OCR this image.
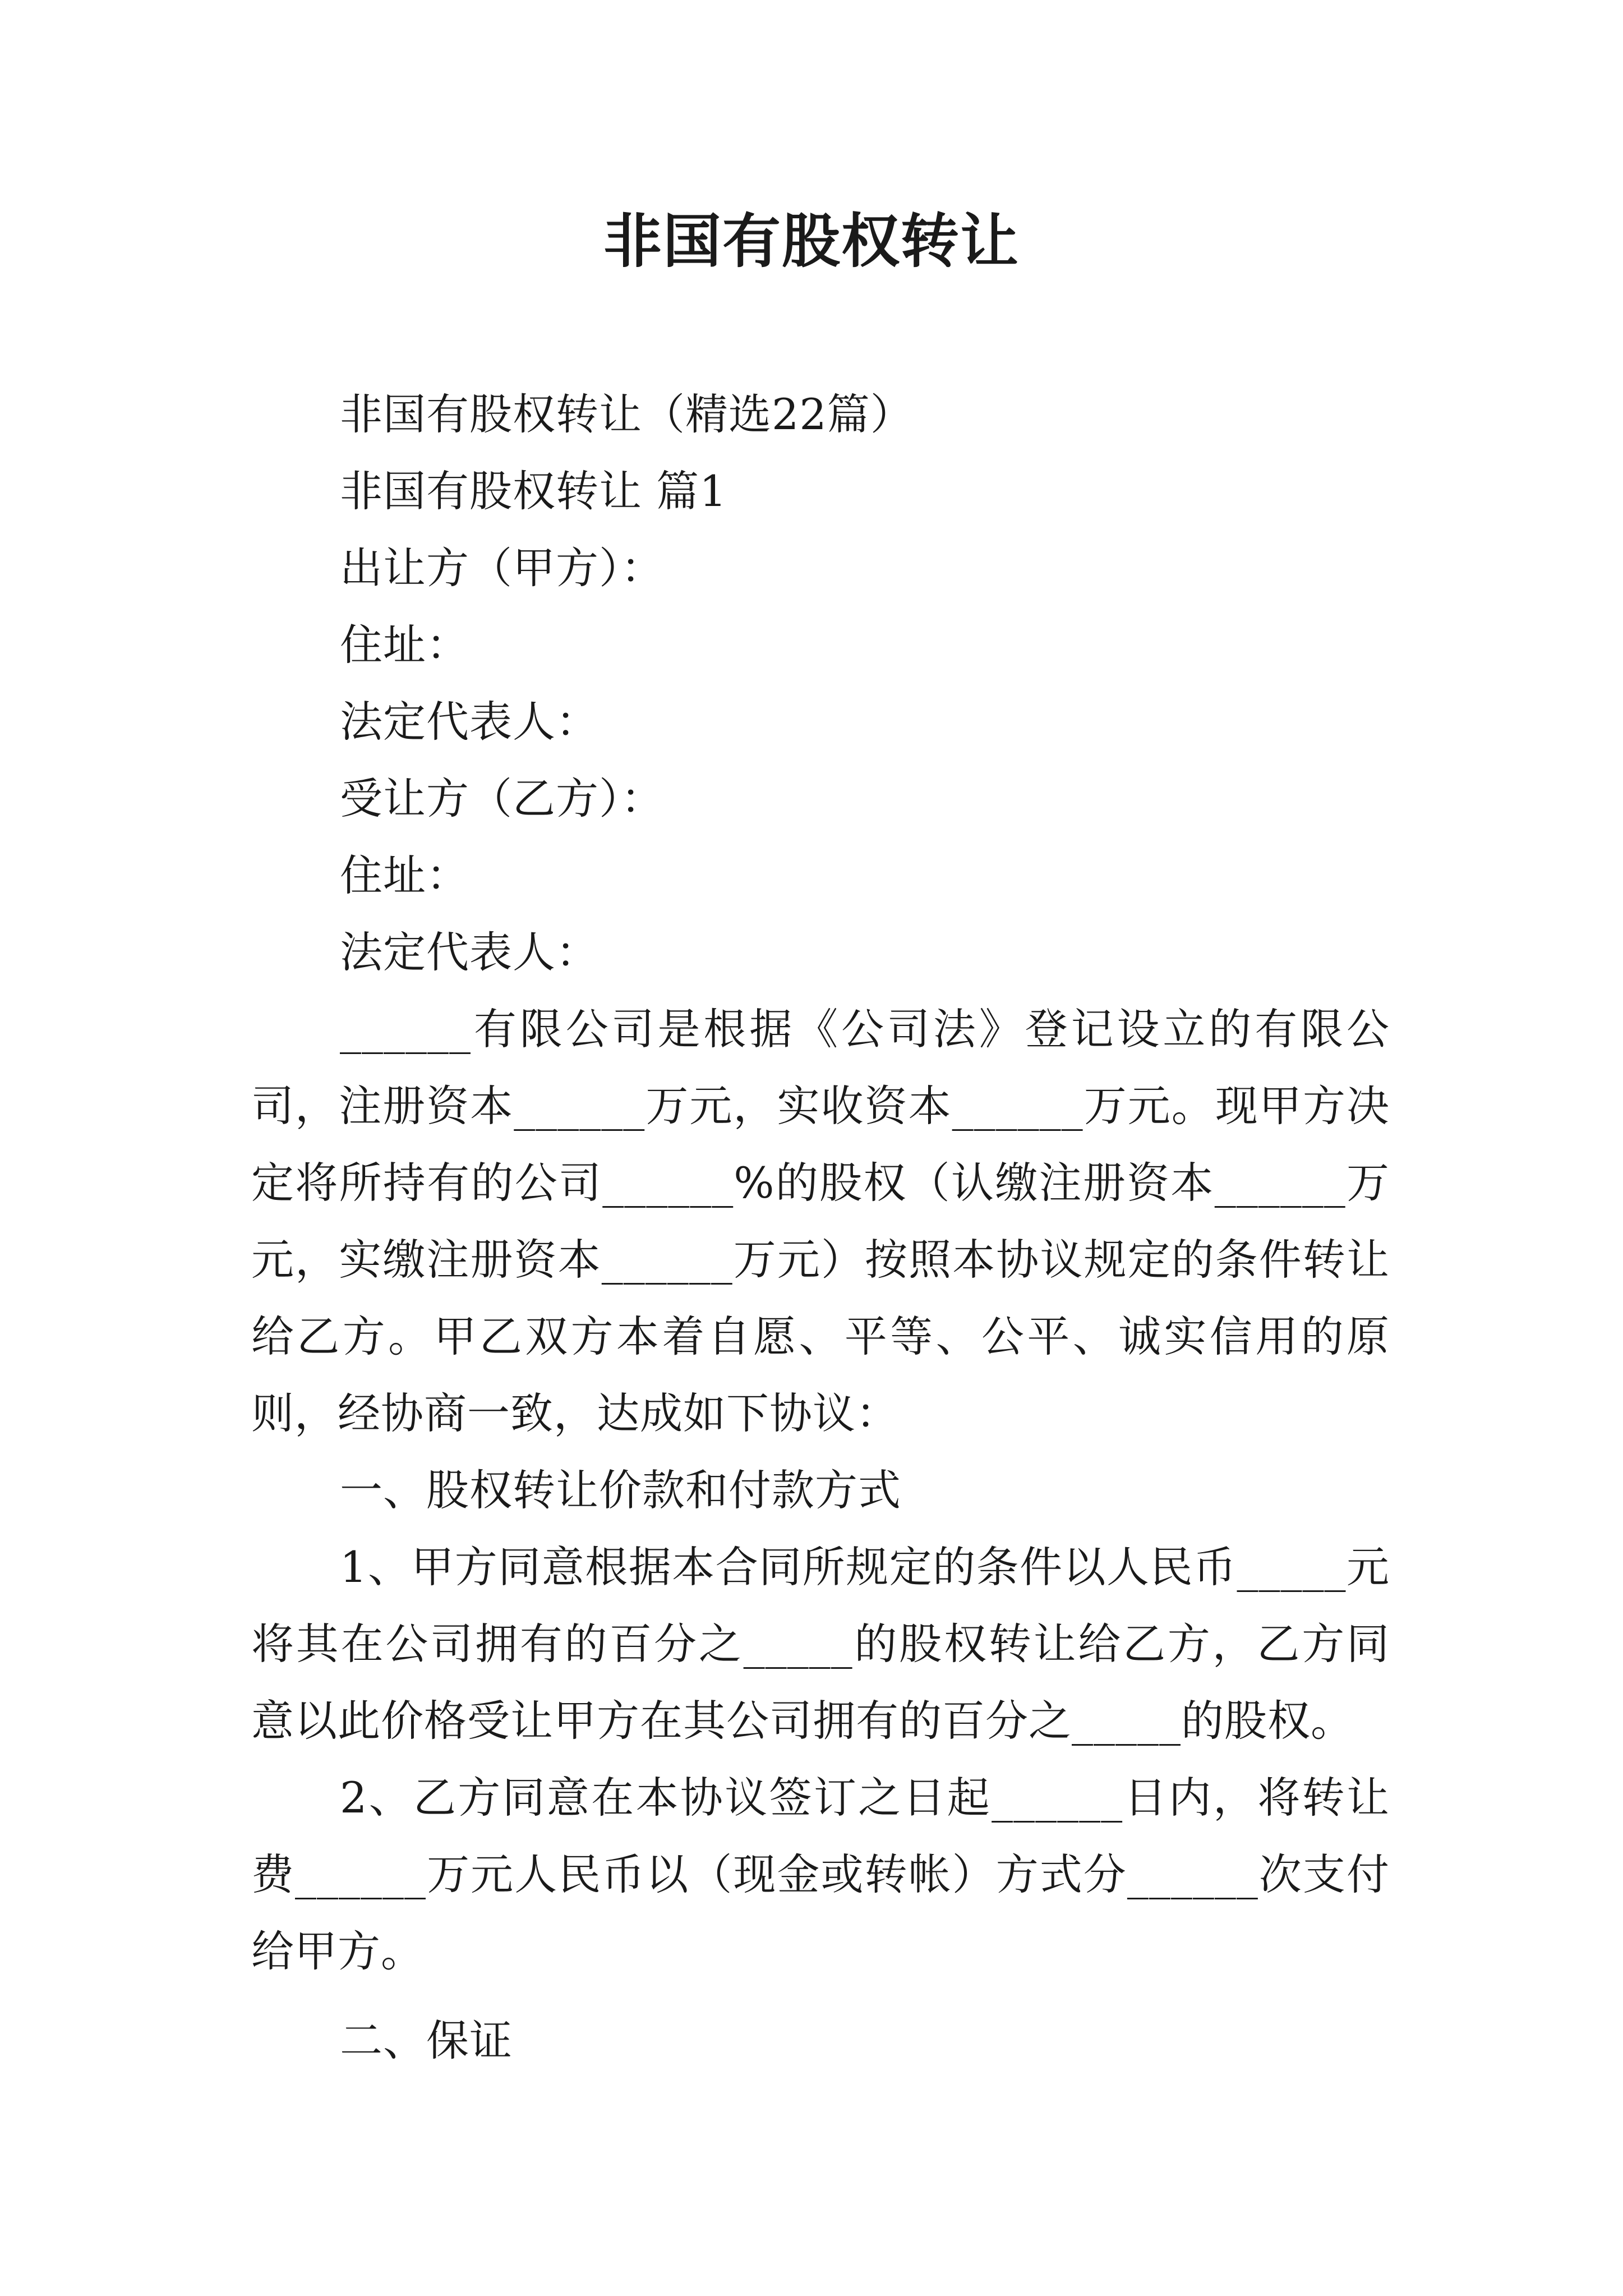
非国有股权转让

非国有股权转让（精选22篇）

非国有股权转让 篇1

出让方（甲方）：

住址：

法定代表人：

受让方（乙方）：

住址：

法定代表人：

______有限公司是根据《公司法》登记设立的有限公司，注册资本______万元，实收资本______万元。现甲方决定将所持有的公司______%的股权（认缴注册资本______万元，实缴注册资本______万元）按照本协议规定的条件转让给乙方。甲乙双方本着自愿、平等、公平、诚实信用的原则，经协商一致，达成如下协议：

一、股权转让价款和付款方式

1、甲方同意根据本合同所规定的条件以人民币_____元将其在公司拥有的百分之_____的股权转让给乙方，乙方同意以此价格受让甲方在其公司拥有的百分之_____的股权。

2、乙方同意在本协议签订之日起______日内，将转让费______万元人民币以（现金或转帐）方式分______次支付给甲方。

二、保证
